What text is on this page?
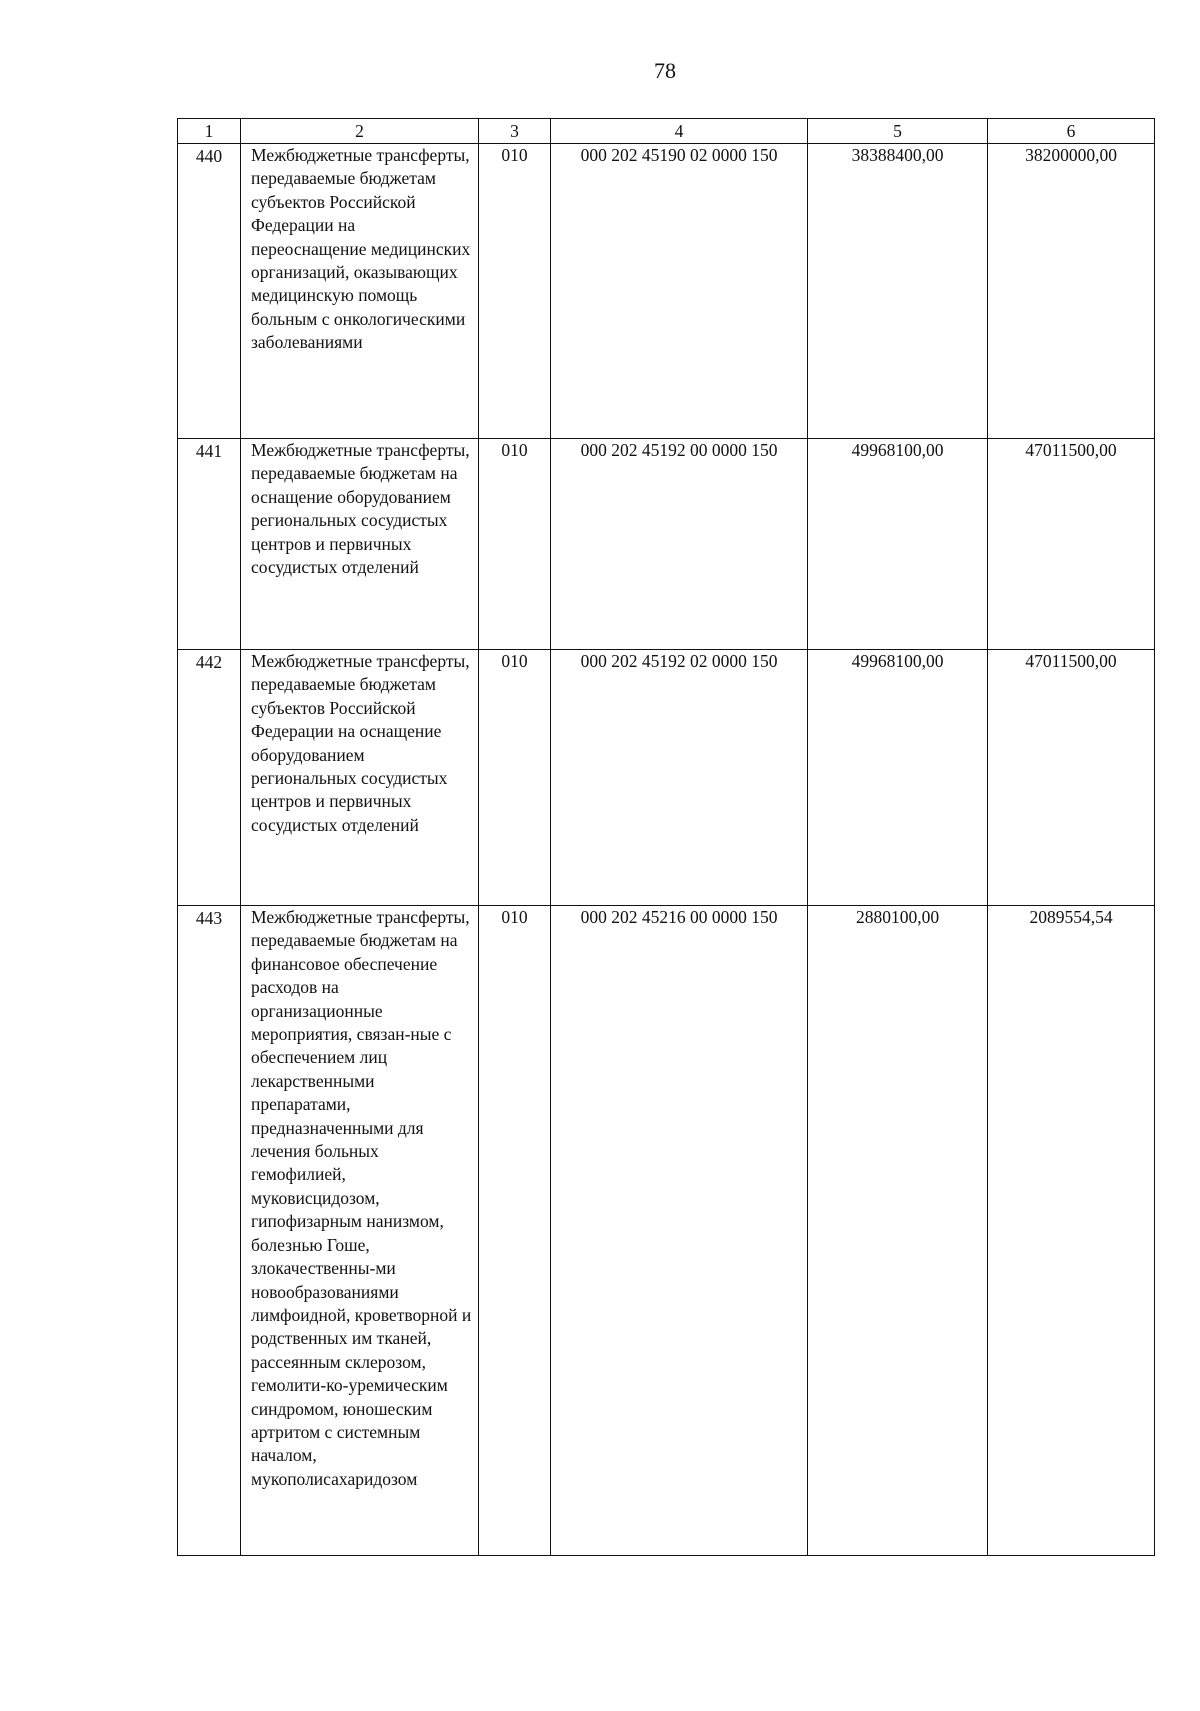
78
1	2	3	4	5	6
440	Межбюджетные трансферты, передаваемые бюджетам субъектов Российской Федерации на переоснащение медицинских организаций, оказывающих медицинскую помощь больным с онкологическими заболеваниями	010	000 202 45190 02 0000 150	38388400,00	38200000,00
441	Межбюджетные трансферты, передаваемые бюджетам на оснащение оборудованием региональных сосудистых центров и первичных сосудистых отделений	010	000 202 45192 00 0000 150	49968100,00	47011500,00
442	Межбюджетные трансферты, передаваемые бюджетам субъектов Российской Федерации на оснащение оборудованием региональных сосудистых центров и первичных сосудистых отделений	010	000 202 45192 02 0000 150	49968100,00	47011500,00
443	Межбюджетные трансферты, передаваемые бюджетам на финансовое обеспечение расходов на организационные мероприятия, связан-ные с обеспечением лиц лекарственными препаратами, предназначенными для лечения больных гемофилией, муковисцидозом, гипофизарным нанизмом, болезнью Гоше, злокачественны-ми новообразованиями лимфоидной, кроветворной и родственных им тканей, рассеянным склерозом, гемолити-ко-уремическим синдромом, юношеским артритом с системным началом, мукополисахаридозом	010	000 202 45216 00 0000 150	2880100,00	2089554,54
